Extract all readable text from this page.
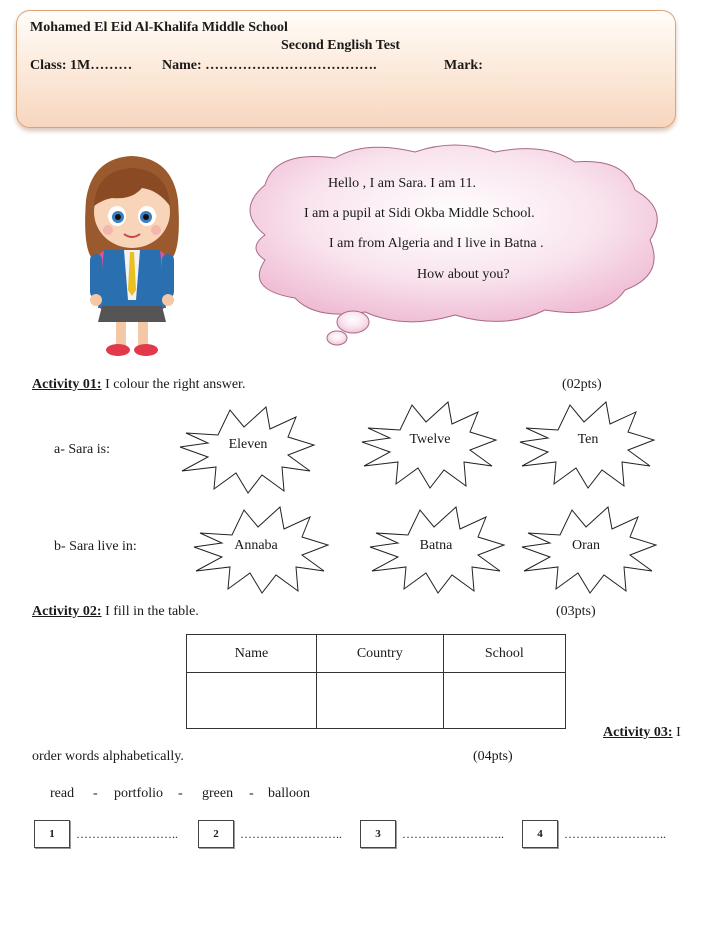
Mohamed El Eid Al-Khalifa Middle School
Second English Test
Class: 1M……… Name: ……………………………….	Mark:
Hello , I am Sara. I am 11.
I am a pupil at Sidi Okba Middle School.
I am from Algeria and I live in Batna .
How about you?
Activity 01: I colour the right answer.	(02pts)
a- Sara is:
b- Sara live in:
Eleven	Twelve	Ten
Annaba	Batna	Oran
Activity 02: I fill in the table.	(03pts)
Name	Country	School

Activity 03: I
order words alphabetically.	(04pts)
read - portfolio - green - balloon
1	……………………..	2	……………………..	3	……………………..	4	……………………..
